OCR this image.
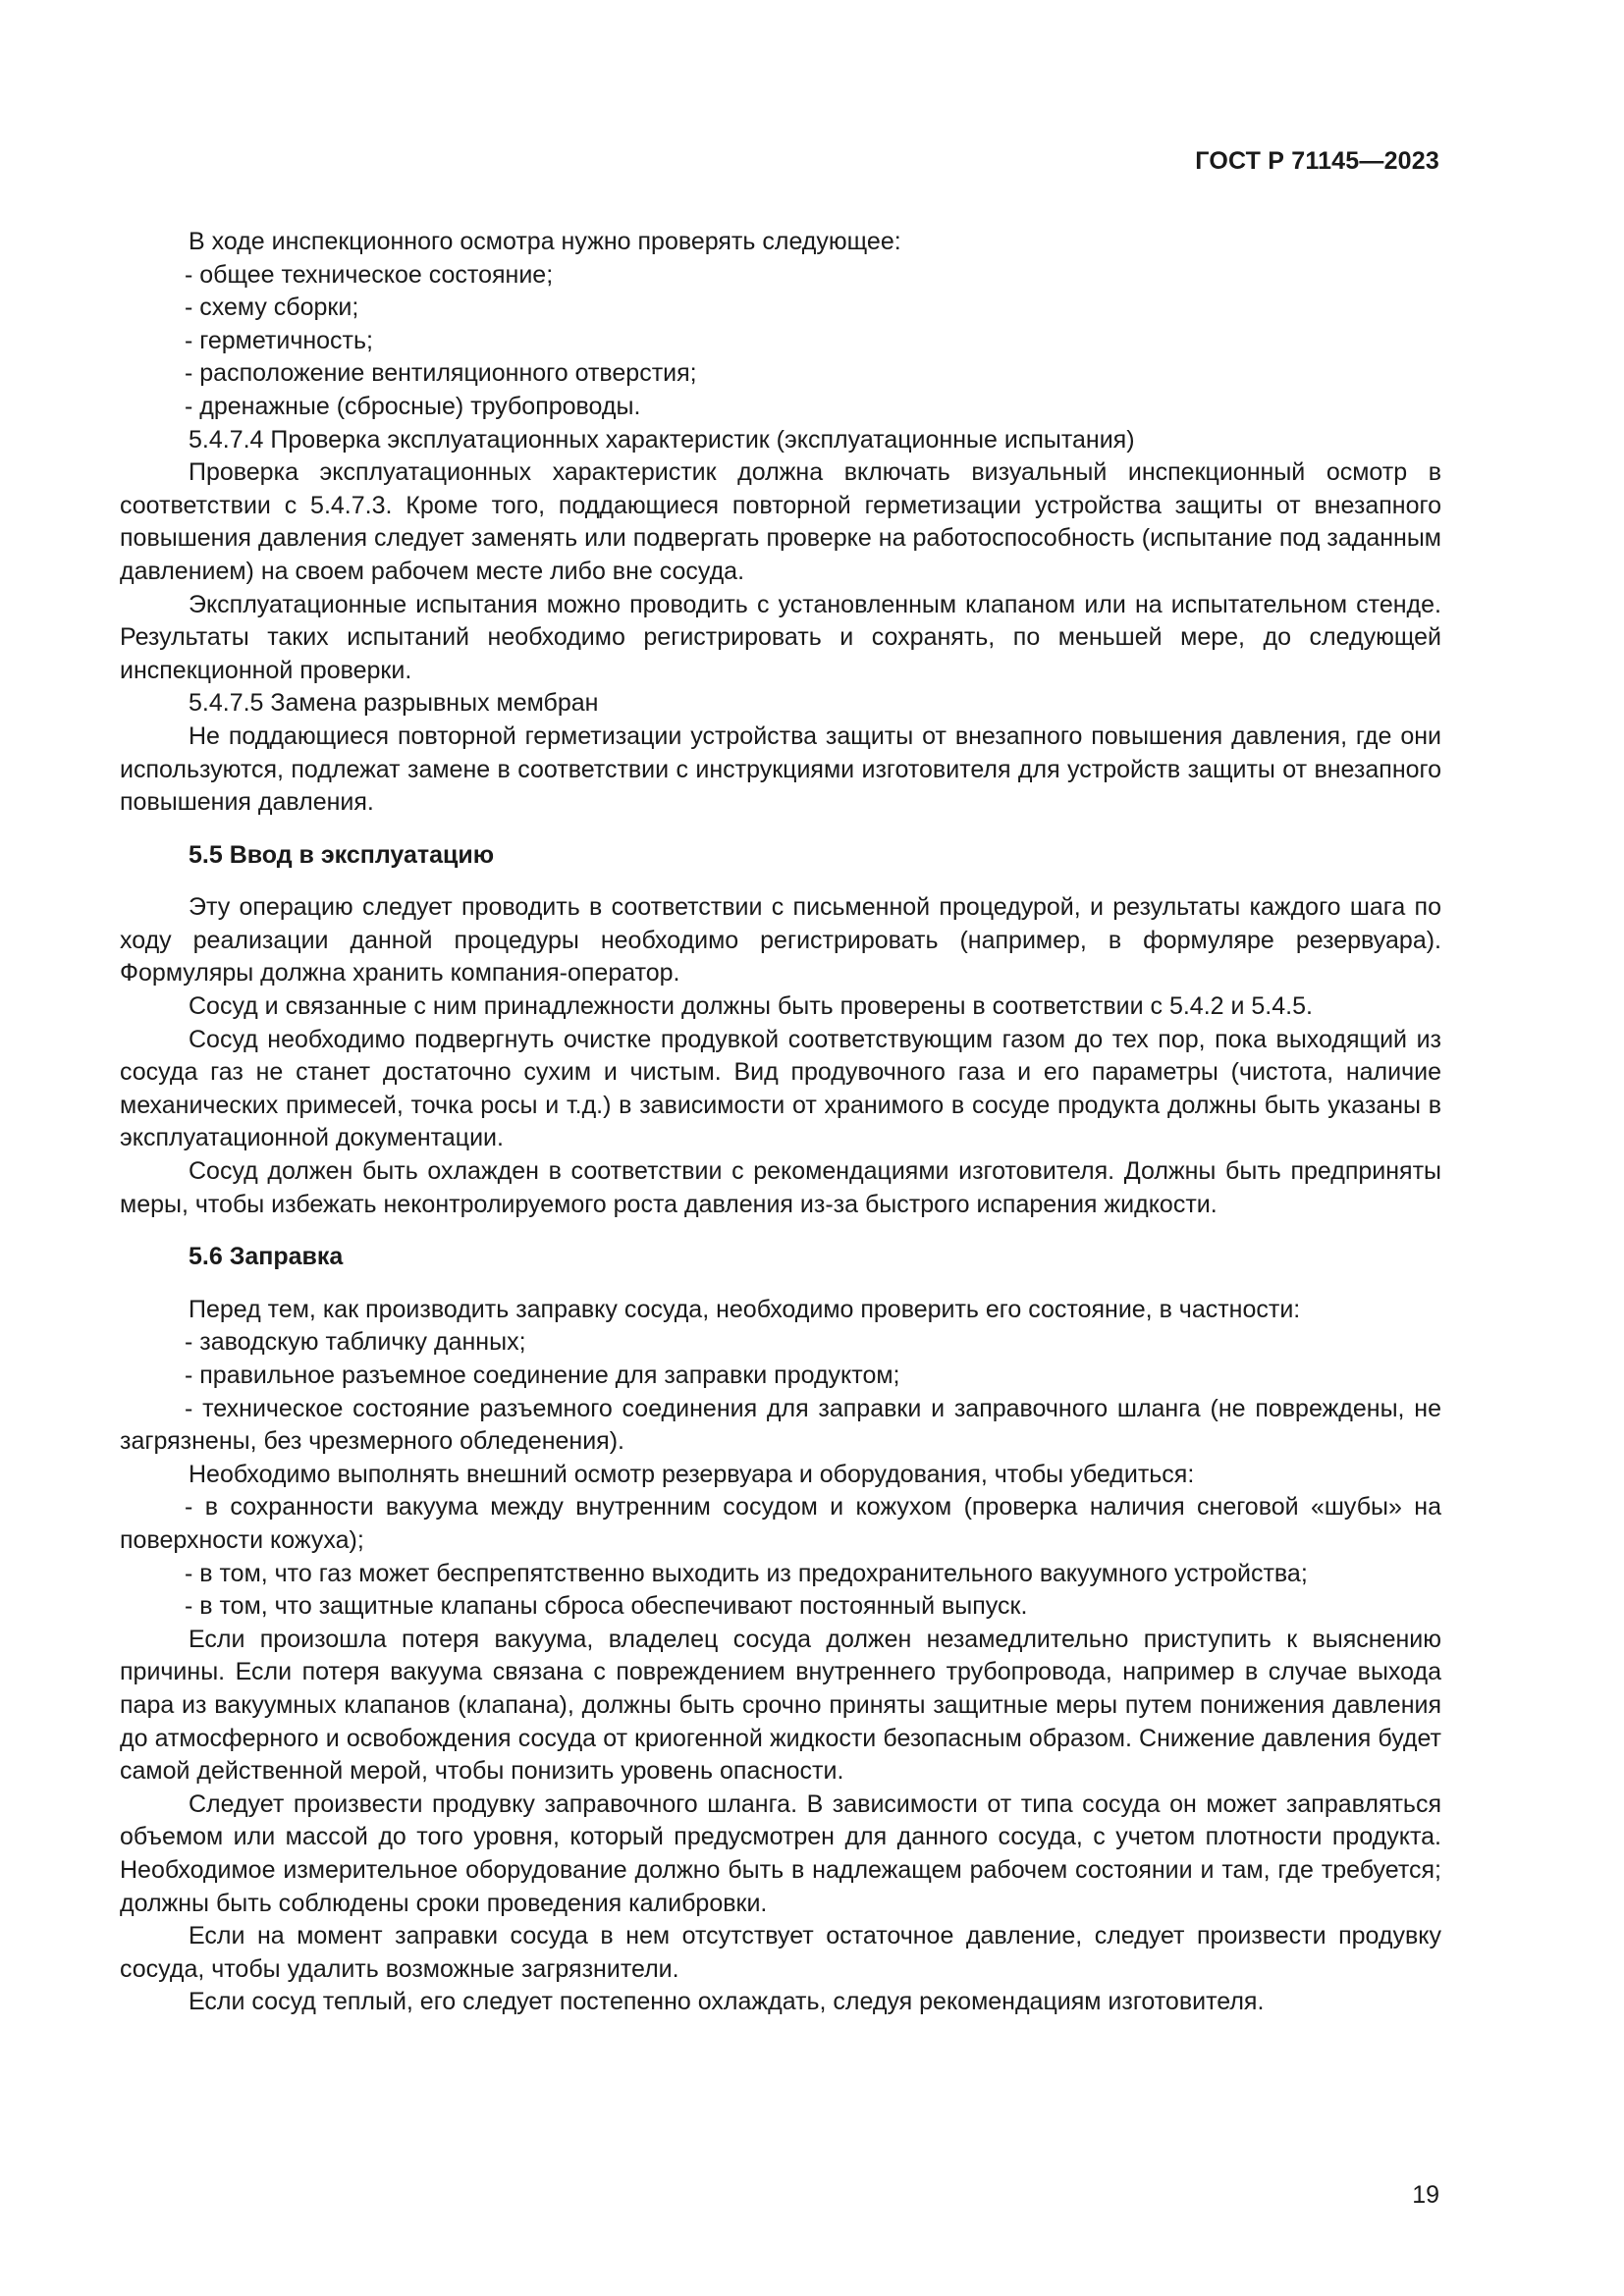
ГОСТ Р 71145—2023

В ходе инспекционного осмотра нужно проверять следующее:

- общее техническое состояние;

- схему сборки;

- герметичность;

- расположение вентиляционного отверстия;

- дренажные (сбросные) трубопроводы.

5.4.7.4 Проверка эксплуатационных характеристик (эксплуатационные испытания)

Проверка эксплуатационных характеристик должна включать визуальный инспекционный осмотр в соответствии с 5.4.7.3. Кроме того, поддающиеся повторной герметизации устройства защиты от внезапного повышения давления следует заменять или подвергать проверке на работоспособность (испытание под заданным давлением) на своем рабочем месте либо вне сосуда.

Эксплуатационные испытания можно проводить с установленным клапаном или на испытательном стенде. Результаты таких испытаний необходимо регистрировать и сохранять, по меньшей мере, до следующей инспекционной проверки.

5.4.7.5 Замена разрывных мембран

Не поддающиеся повторной герметизации устройства защиты от внезапного повышения давления, где они используются, подлежат замене в соответствии с инструкциями изготовителя для устройств защиты от внезапного повышения давления.

5.5 Ввод в эксплуатацию

Эту операцию следует проводить в соответствии с письменной процедурой, и результаты каждого шага по ходу реализации данной процедуры необходимо регистрировать (например, в формуляре резервуара). Формуляры должна хранить компания-оператор.

Сосуд и связанные с ним принадлежности должны быть проверены в соответствии с 5.4.2 и 5.4.5.

Сосуд необходимо подвергнуть очистке продувкой соответствующим газом до тех пор, пока выходящий из сосуда газ не станет достаточно сухим и чистым. Вид продувочного газа и его параметры (чистота, наличие механических примесей, точка росы и т.д.) в зависимости от хранимого в сосуде продукта должны быть указаны в эксплуатационной документации.

Сосуд должен быть охлажден в соответствии с рекомендациями изготовителя. Должны быть предприняты меры, чтобы избежать неконтролируемого роста давления из-за быстрого испарения жидкости.

5.6 Заправка

Перед тем, как производить заправку сосуда, необходимо проверить его состояние, в частности:

- заводскую табличку данных;

- правильное разъемное соединение для заправки продуктом;

- техническое состояние разъемного соединения для заправки и заправочного шланга (не повреждены, не загрязнены, без чрезмерного обледенения).

Необходимо выполнять внешний осмотр резервуара и оборудования, чтобы убедиться:

- в сохранности вакуума между внутренним сосудом и кожухом (проверка наличия снеговой «шубы» на поверхности кожуха);

- в том, что газ может беспрепятственно выходить из предохранительного вакуумного устройства;

- в том, что защитные клапаны сброса обеспечивают постоянный выпуск.

Если произошла потеря вакуума, владелец сосуда должен незамедлительно приступить к выяснению причины. Если потеря вакуума связана с повреждением внутреннего трубопровода, например в случае выхода пара из вакуумных клапанов (клапана), должны быть срочно приняты защитные меры путем понижения давления до атмосферного и освобождения сосуда от криогенной жидкости безопасным образом. Снижение давления будет самой действенной мерой, чтобы понизить уровень опасности.

Следует произвести продувку заправочного шланга. В зависимости от типа сосуда он может заправляться объемом или массой до того уровня, который предусмотрен для данного сосуда, с учетом плотности продукта. Необходимое измерительное оборудование должно быть в надлежащем рабочем состоянии и там, где требуется; должны быть соблюдены сроки проведения калибровки.

Если на момент заправки сосуда в нем отсутствует остаточное давление, следует произвести продувку сосуда, чтобы удалить возможные загрязнители.

Если сосуд теплый, его следует постепенно охлаждать, следуя рекомендациям изготовителя.

19
